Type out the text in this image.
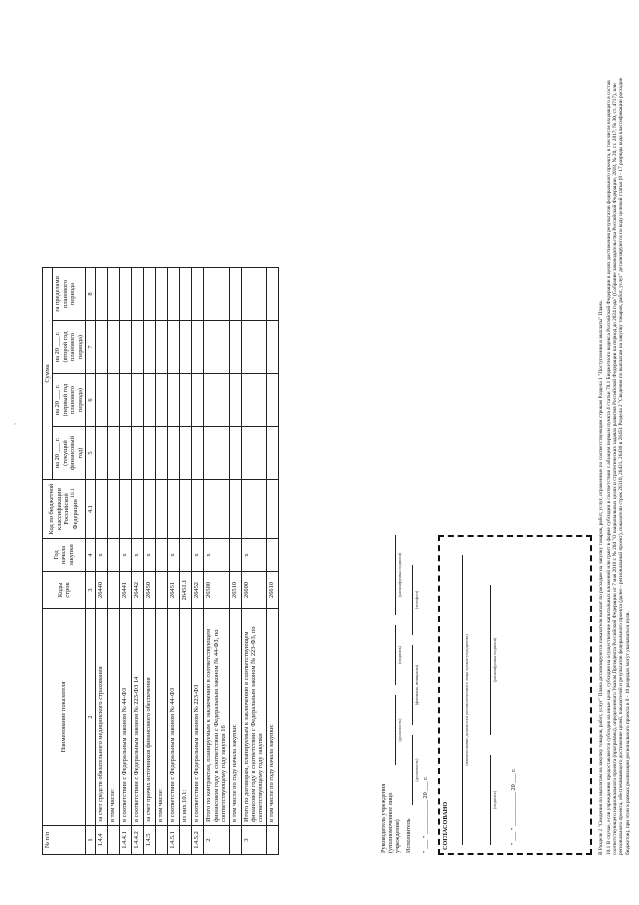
`
№ п/п	Наименование показателя	Коды строк	Год начала закупки	Код по бюджетной классификации Российской Федерации $^{10.1}$	Сумма			
					на 20 ___ г. (текущий финансовый год)	на 20 ___ г. (первый год планового периода)	на 20 ___ г. (второй год планового периода)	за пределами планового периода
1	2	3	4	4.1	5	6	7	8
1.4.4	за счет средств обязательного медицинского страхования	26440	x					
	в том числе:							
1.4.4.1	в соответствии с Федеральным законом № 44-ФЗ	26441	x					
1.4.4.2	в соответствии с Федеральным законом № 223-ФЗ 14	26442	x					
1.4.5	за счет прочих источников финансового обеспечения	26450	x					
	в том числе:							
1.4.5.1	в соответствии с Федеральным законом № 44-ФЗ	26451	x					
	из них 10.1:	26451.1						
1.4.5.2	в соответствии с Федеральным законом № 223-ФЗ	26452	x					
2	Итого по контрактам, планируемым к заключению в соответствующем финансовом году в соответствии с Федеральным законом № 44-ФЗ, по соответствующему году закупки 16	26500	x					
	в том числе по году начала закупки:	26510						
3	Итого по договорам, планируемым к заключению в соответствующем финансовом году в соответствии с Федеральным законом № 223-ФЗ, по соответствующему году закупки	26600	x					
	в том числе по году начала закупки:	26610						
Руководитель учреждения (уполномоченное лицо учреждения)
(должность)
(подпись)
(расшифровка подписи)
Исполнитель
(должность)
(фамилия, инициалы)
(телефон)
" ___ " ___________ 20 ___ г. СОГЛАСОВАНО
(наименование должности уполномоченного лица органа-учредителя)
(подпись)
(расшифровка подписи)
" ___ " ___________ 20 ___ г.	В Разделе 2 "Сведения по выплатам на закупку товаров, работ, услуг" Плана детализируются показатели выплат по расходам на закупку товаров, работ, услуг, отраженные по соответствующим строкам Раздела 1 "Поступления и выплаты" Плана. 10.1 В случае, если учреждению предоставляется субсидия на иные цели, субсидия на осуществление капитальных вложений или грант в форме субсидии в соответствии с абзацем первым пункта 4 статьи 78.1 Бюджетного кодекса Российской Федерации в целях достижения результатов федерального проекта, в том числе входящего в состав соответствующего национального проекта (программы), определенного Указом Президента Российской Федерации от 7 мая 2018 г. № 204 "О национальных целях и стратегических задачах развития Российской Федерации на период до 2024 года" (Собрание законодательства Российской Федерации, 2018, № 20, ст. 2817; № 30, ст. 4717), или регионального проекта, обеспечивающего достижение целей, показателей и результатов федерального проекта (далее - региональный проект), показатели строк 26310, 26421, 26430 и 26451 Раздела 2 "Сведения по выплатам на закупку товаров, работ, услуг" детализируются по коду целевой статьи (8 - 17 разряды кода классификации расходов бюджетов), при этом в рамках реализации регионального проекта в 8 - 10 разрядах могут указываться нули.
